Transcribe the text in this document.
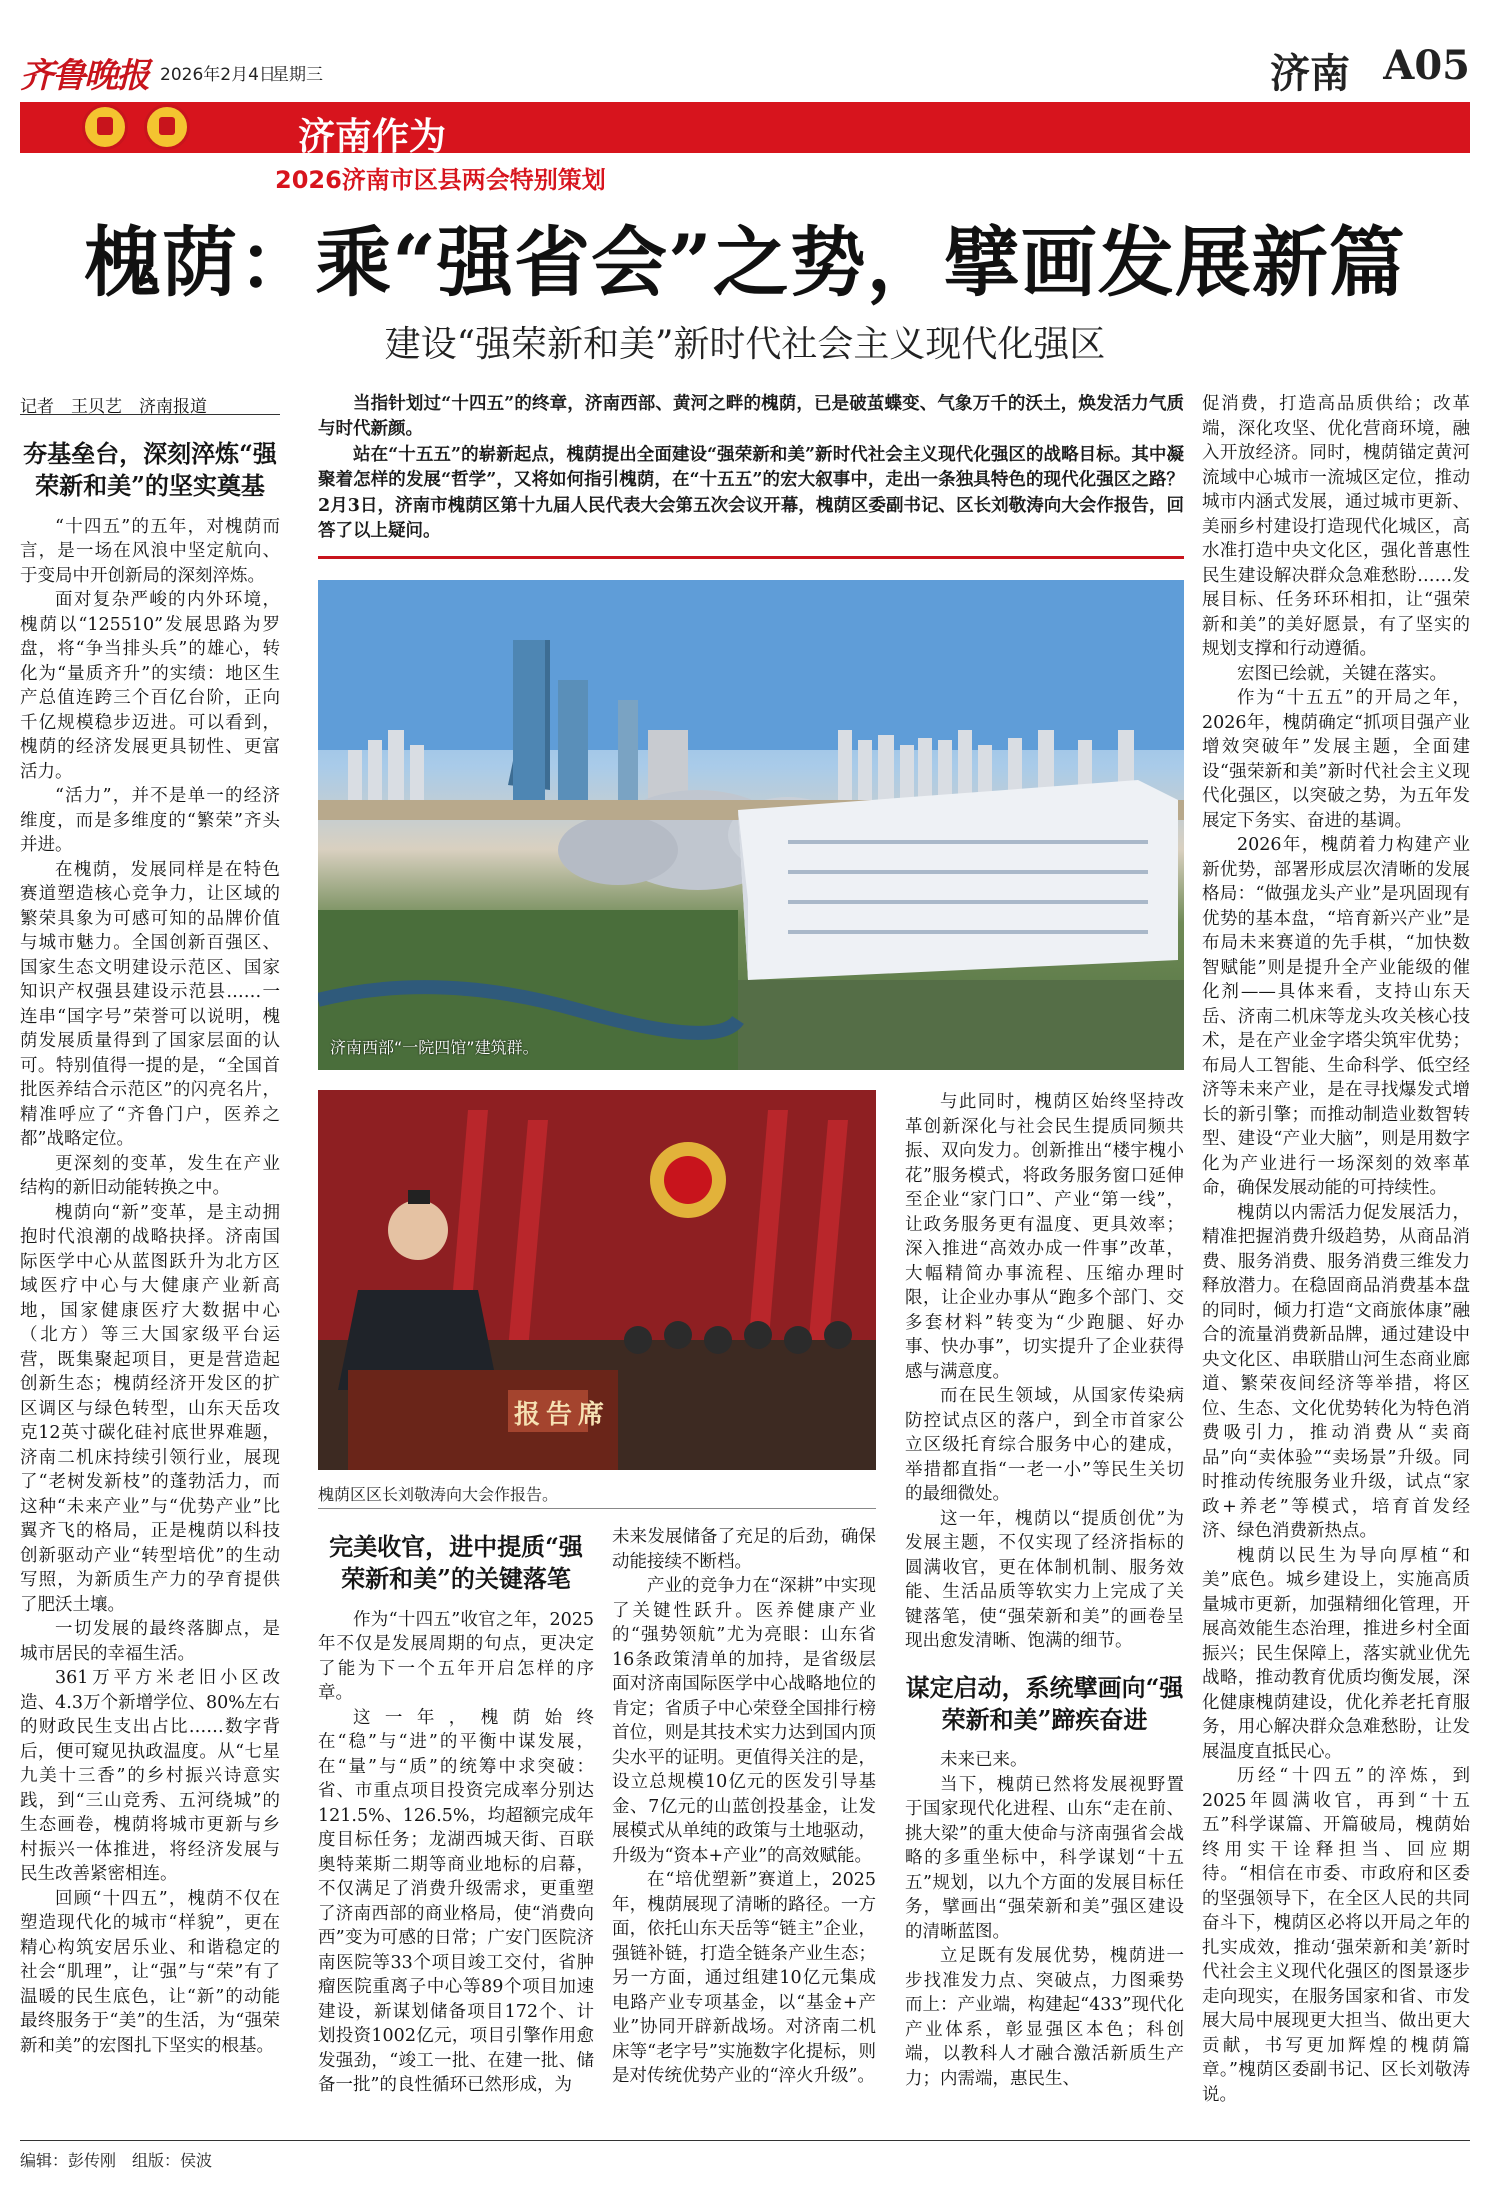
齐鲁晚报 2026年2月4日
星期三	济南 A05
济南作为
2026济南市区县两会特别策划
槐荫：乘“强省会”之势，擘画发展新篇
建设“强荣新和美”新时代社会主义现代化强区
记者　王贝艺　济南报道	当指针划过“十四五”的终章，济南西部、黄河之畔的槐荫，已是破茧蝶变、气象万千的沃土，焕发活力气质与时代新颜。

站在“十五五”的崭新起点，槐荫提出全面建设“强荣新和美”新时代社会主义现代化强区的战略目标。其中凝聚着怎样的发展“哲学”，又将如何指引槐荫，在“十五五”的宏大叙事中，走出一条独具特色的现代化强区之路？2月3日，济南市槐荫区第十九届人民代表大会第五次会议开幕，槐荫区委副书记、区长刘敬涛向大会作报告，回答了以上疑问。

济南西部“一院四馆”建筑群。
报告席
槐荫区区长刘敬涛向大会作报告。
夯基垒台，深刻淬炼“强荣新和美”的坚实奠基

“十四五”的五年，对槐荫而言，是一场在风浪中坚定航向、于变局中开创新局的深刻淬炼。

面对复杂严峻的内外环境，槐荫以“125510”发展思路为罗盘，将“争当排头兵”的雄心，转化为“量质齐升”的实绩：地区生产总值连跨三个百亿台阶，正向千亿规模稳步迈进。可以看到，槐荫的经济发展更具韧性、更富活力。

“活力”，并不是单一的经济维度，而是多维度的“繁荣”齐头并进。

在槐荫，发展同样是在特色赛道塑造核心竞争力，让区域的繁荣具象为可感可知的品牌价值与城市魅力。全国创新百强区、国家生态文明建设示范区、国家知识产权强县建设示范县……一连串“国字号”荣誉可以说明，槐荫发展质量得到了国家层面的认可。特别值得一提的是，“全国首批医养结合示范区”的闪亮名片，精准呼应了“齐鲁门户，医养之都”战略定位。

更深刻的变革，发生在产业结构的新旧动能转换之中。

槐荫向“新”变革，是主动拥抱时代浪潮的战略抉择。济南国际医学中心从蓝图跃升为北方区域医疗中心与大健康产业新高地，国家健康医疗大数据中心（北方）等三大国家级平台运营，既集聚起项目，更是营造起创新生态；槐荫经济开发区的扩区调区与绿色转型，山东天岳攻克12英寸碳化硅衬底世界难题，济南二机床持续引领行业，展现了“老树发新枝”的蓬勃活力，而这种“未来产业”与“优势产业”比翼齐飞的格局，正是槐荫以科技创新驱动产业“转型培优”的生动写照，为新质生产力的孕育提供了肥沃土壤。

一切发展的最终落脚点，是城市居民的幸福生活。

361万平方米老旧小区改造、4.3万个新增学位、80%左右的财政民生支出占比……数字背后，便可窥见执政温度。从“七星九美十三香”的乡村振兴诗意实践，到“三山竞秀、五河绕城”的生态画卷，槐荫将城市更新与乡村振兴一体推进，将经济发展与民生改善紧密相连。

回顾“十四五”，槐荫不仅在塑造现代化的城市“样貌”，更在精心构筑安居乐业、和谐稳定的社会“肌理”，让“强”与“荣”有了温暖的民生底色，让“新”的动能最终服务于“美”的生活，为“强荣新和美”的宏图扎下坚实的根基。

完美收官，进中提质“强荣新和美”的关键落笔

作为“十四五”收官之年，2025年不仅是发展周期的句点，更决定了能为下一个五年开启怎样的序章。

这一年，槐荫始终在“稳”与“进”的平衡中谋发展，在“量”与“质”的统筹中求突破：省、市重点项目投资完成率分别达121.5%、126.5%，均超额完成年度目标任务；龙湖西城天街、百联奥特莱斯二期等商业地标的启幕，不仅满足了消费升级需求，更重塑了济南西部的商业格局，使“消费向西”变为可感的日常；广安门医院济南医院等33个项目竣工交付，省肿瘤医院重离子中心等89个项目加速建设，新谋划储备项目172个、计划投资1002亿元，项目引擎作用愈发强劲，“竣工一批、在建一批、储备一批”的良性循环已然形成，为

未来发展储备了充足的后劲，确保动能接续不断档。

产业的竞争力在“深耕”中实现了关键性跃升。医养健康产业的“强势领航”尤为亮眼：山东省16条政策清单的加持，是省级层面对济南国际医学中心战略地位的肯定；省质子中心荣登全国排行榜首位，则是其技术实力达到国内顶尖水平的证明。更值得关注的是，设立总规模10亿元的医发引导基金、7亿元的山蓝创投基金，让发展模式从单纯的政策与土地驱动，升级为“资本+产业”的高效赋能。

在“培优塑新”赛道上，2025年，槐荫展现了清晰的路径。一方面，依托山东天岳等“链主”企业，强链补链，打造全链条产业生态；另一方面，通过组建10亿元集成电路产业专项基金，以“基金+产业”协同开辟新战场。对济南二机床等“老字号”实施数字化提标，则是对传统优势产业的“淬火升级”。

与此同时，槐荫区始终坚持改革创新深化与社会民生提质同频共振、双向发力。创新推出“楼宇槐小花”服务模式，将政务服务窗口延伸至企业“家门口”、产业“第一线”，让政务服务更有温度、更具效率；深入推进“高效办成一件事”改革，大幅精简办事流程、压缩办理时限，让企业办事从“跑多个部门、交多套材料”转变为“少跑腿、好办事、快办事”，切实提升了企业获得感与满意度。

而在民生领域，从国家传染病防控试点区的落户，到全市首家公立区级托育综合服务中心的建成，举措都直指“一老一小”等民生关切的最细微处。

这一年，槐荫以“提质创优”为发展主题，不仅实现了经济指标的圆满收官，更在体制机制、服务效能、生活品质等软实力上完成了关键落笔，使“强荣新和美”的画卷呈现出愈发清晰、饱满的细节。

谋定启动，系统擘画向“强荣新和美”蹄疾奋进

未来已来。

当下，槐荫已然将发展视野置于国家现代化进程、山东“走在前、挑大梁”的重大使命与济南强省会战略的多重坐标中，科学谋划“十五五”规划，以九个方面的发展目标任务，擘画出“强荣新和美”强区建设的清晰蓝图。

立足既有发展优势，槐荫进一步找准发力点、突破点，力图乘势而上：产业端，构建起“433”现代化产业体系，彰显强区本色；科创端，以教科人才融合激活新质生产力；内需端，惠民生、

促消费，打造高品质供给；改革端，深化攻坚、优化营商环境，融入开放经济。同时，槐荫锚定黄河流域中心城市一流城区定位，推动城市内涵式发展，通过城市更新、美丽乡村建设打造现代化城区，高水准打造中央文化区，强化普惠性民生建设解决群众急难愁盼……发展目标、任务环环相扣，让“强荣新和美”的美好愿景，有了坚实的规划支撑和行动遵循。

宏图已绘就，关键在落实。

作为“十五五”的开局之年，2026年，槐荫确定“抓项目强产业增效突破年”发展主题，全面建设“强荣新和美”新时代社会主义现代化强区，以突破之势，为五年发展定下务实、奋进的基调。

2026年，槐荫着力构建产业新优势，部署形成层次清晰的发展格局：“做强龙头产业”是巩固现有优势的基本盘，“培育新兴产业”是布局未来赛道的先手棋，“加快数智赋能”则是提升全产业能级的催化剂——具体来看，支持山东天岳、济南二机床等龙头攻关核心技术，是在产业金字塔尖筑牢优势；布局人工智能、生命科学、低空经济等未来产业，是在寻找爆发式增长的新引擎；而推动制造业数智转型、建设“产业大脑”，则是用数字化为产业进行一场深刻的效率革命，确保发展动能的可持续性。

槐荫以内需活力促发展活力，精准把握消费升级趋势，从商品消费、服务消费、服务消费三维发力释放潜力。在稳固商品消费基本盘的同时，倾力打造“文商旅体康”融合的流量消费新品牌，通过建设中央文化区、串联腊山河生态商业廊道、繁荣夜间经济等举措，将区位、生态、文化优势转化为特色消费吸引力，推动消费从“卖商品”向“卖体验”“卖场景”升级。同时推动传统服务业升级，试点“家政+养老”等模式，培育首发经济、绿色消费新热点。

槐荫以民生为导向厚植“和美”底色。城乡建设上，实施高质量城市更新，加强精细化管理，开展高效能生态治理，推进乡村全面振兴；民生保障上，落实就业优先战略，推动教育优质均衡发展，深化健康槐荫建设，优化养老托育服务，用心解决群众急难愁盼，让发展温度直抵民心。

历经“十四五”的淬炼，到2025年圆满收官，再到“十五五”科学谋篇、开篇破局，槐荫始终用实干诠释担当、回应期待。“相信在市委、市政府和区委的坚强领导下，在全区人民的共同奋斗下，槐荫区必将以开局之年的扎实成效，推动‘强荣新和美’新时代社会主义现代化强区的图景逐步走向现实，在服务国家和省、市发展大局中展现更大担当、做出更大贡献，书写更加辉煌的槐荫篇章。”槐荫区委副书记、区长刘敬涛说。

编辑：彭传刚　组版：侯波
